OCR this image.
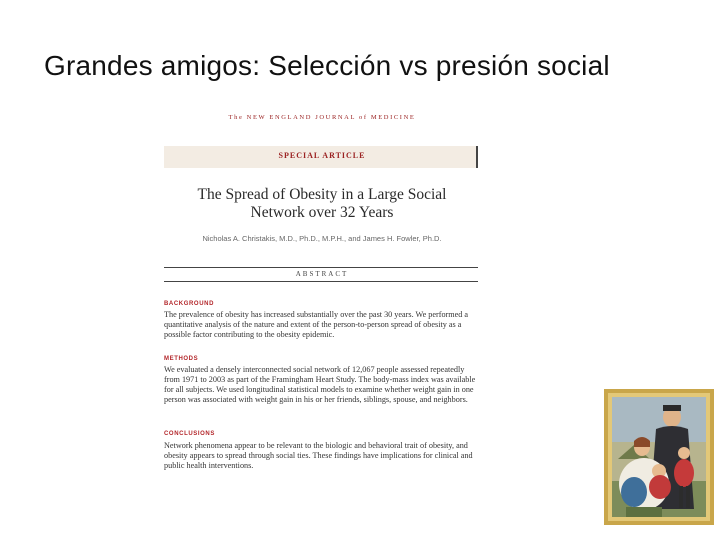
Grandes amigos: Selección vs presión social
The NEW ENGLAND JOURNAL of MEDICINE
SPECIAL ARTICLE
The Spread of Obesity in a Large Social
Network over 32 Years
Nicholas A. Christakis, M.D., Ph.D., M.P.H., and James H. Fowler, Ph.D.
ABSTRACT
BACKGROUND
The prevalence of obesity has increased substantially over the past 30 years. We performed a quantitative analysis of the nature and extent of the person-to-person spread of obesity as a possible factor contributing to the obesity epidemic.
METHODS
We evaluated a densely interconnected social network of 12,067 people assessed repeatedly from 1971 to 2003 as part of the Framingham Heart Study. The body-mass index was available for all subjects. We used longitudinal statistical models to examine whether weight gain in one person was associated with weight gain in his or her friends, siblings, spouse, and neighbors.
CONCLUSIONS
Network phenomena appear to be relevant to the biologic and behavioral trait of obesity, and obesity appears to spread through social ties. These findings have implications for clinical and public health interventions.
